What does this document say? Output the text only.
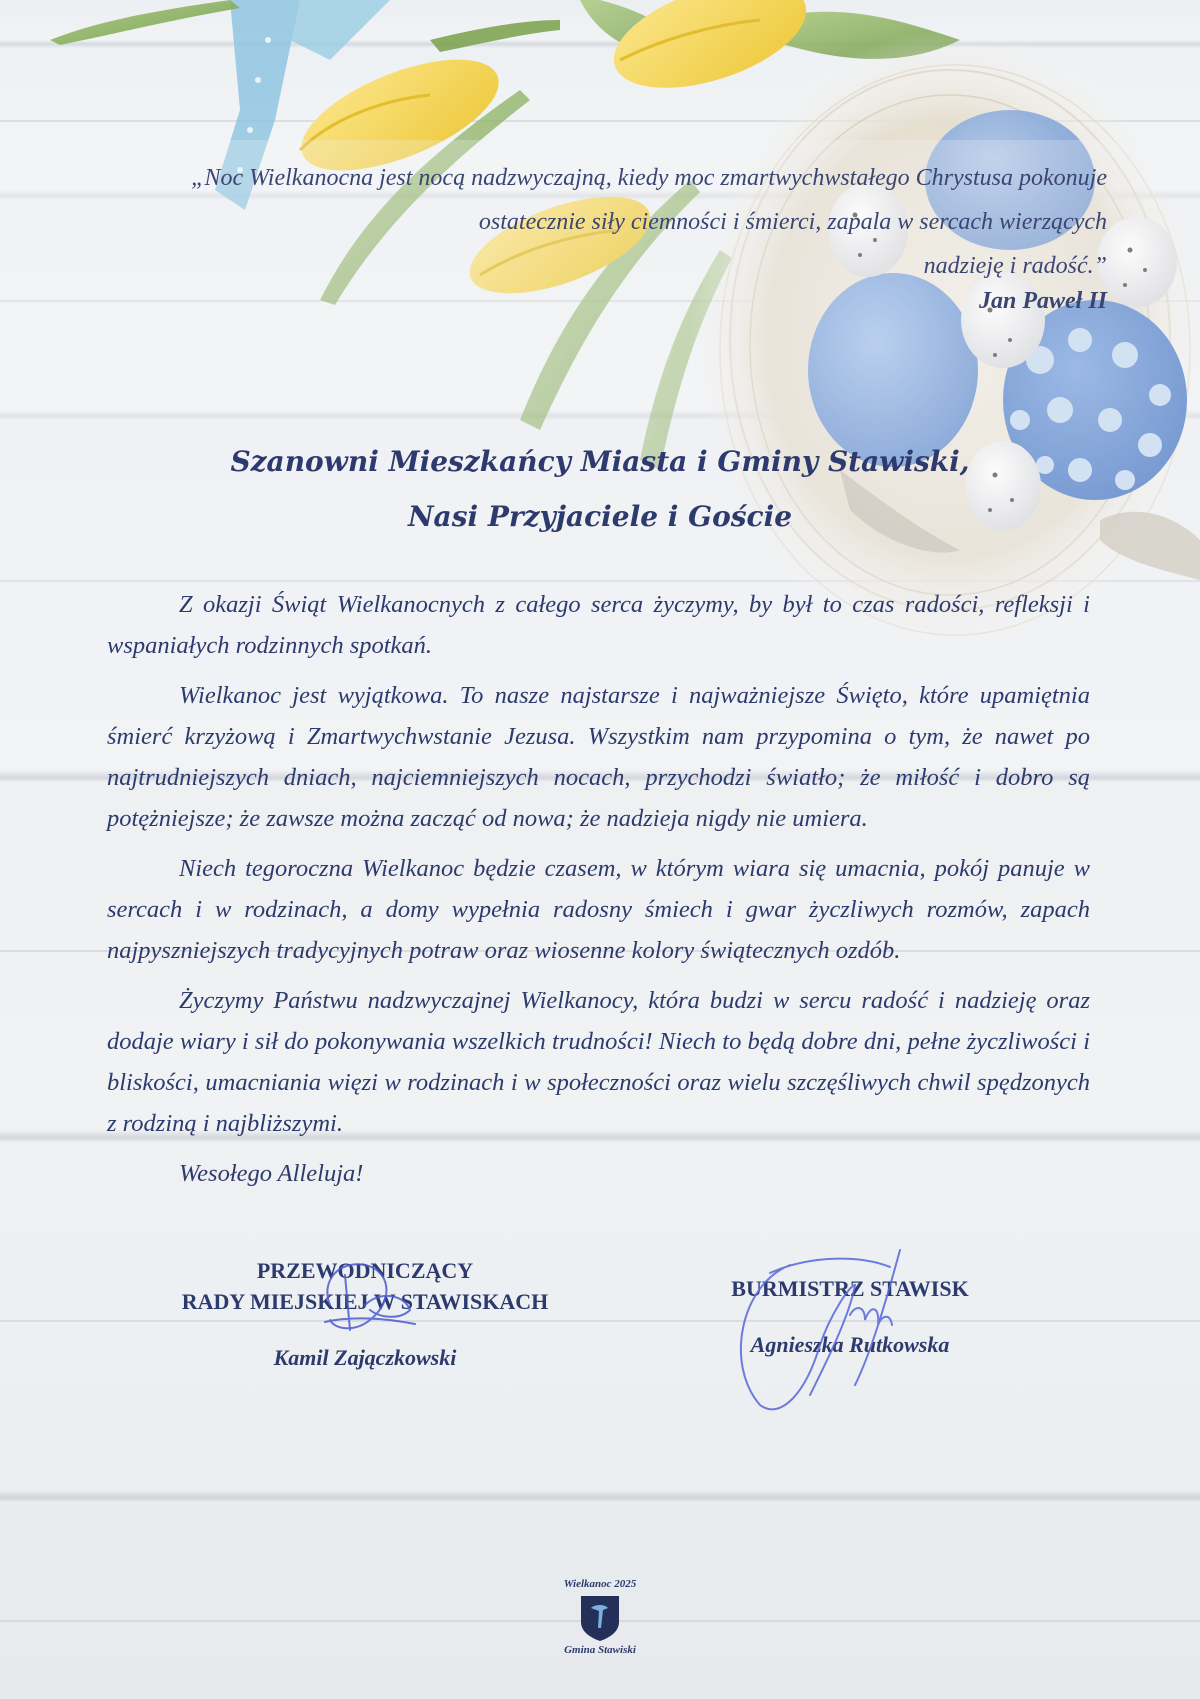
„Noc Wielkanocna jest nocą nadzwyczajną, kiedy moc zmartwychwstałego Chrystusa pokonuje
ostatecznie siły ciemności i śmierci, zapala w sercach wierzących
nadzieję i radość.”
Jan Paweł II
Szanowni Mieszkańcy Miasta i Gminy Stawiski,
Nasi Przyjaciele i Goście

Z okazji Świąt Wielkanocnych z całego serca życzymy, by był to czas radości, refleksji i wspaniałych rodzinnych spotkań.

Wielkanoc jest wyjątkowa. To nasze najstarsze i najważniejsze Święto, które upamiętnia śmierć krzyżową i Zmartwychwstanie Jezusa. Wszystkim nam przypomina o tym, że nawet po najtrudniejszych dniach, najciemniejszych nocach, przychodzi światło; że miłość i dobro są potężniejsze; że zawsze można zacząć od nowa; że nadzieja nigdy nie umiera.

Niech tegoroczna Wielkanoc będzie czasem, w którym wiara się umacnia, pokój panuje w sercach i w rodzinach, a domy wypełnia radosny śmiech i gwar życzliwych rozmów, zapach najpyszniejszych tradycyjnych potraw oraz wiosenne kolory świątecznych ozdób.

Życzymy Państwu nadzwyczajnej Wielkanocy, która budzi w sercu radość i nadzieję oraz dodaje wiary i sił do pokonywania wszelkich trudności! Niech to będą dobre dni, pełne życzliwości i bliskości, umacniania więzi w rodzinach i w społeczności oraz wielu szczęśliwych chwil spędzonych z rodziną i najbliższymi.

Wesołego Alleluja!

PRZEWODNICZĄCY
RADY MIEJSKIEJ W STAWISKACH
Kamil Zajączkowski
BURMISTRZ STAWISK
Agnieszka Rutkowska
Wielkanoc 2025
Gmina Stawiski
